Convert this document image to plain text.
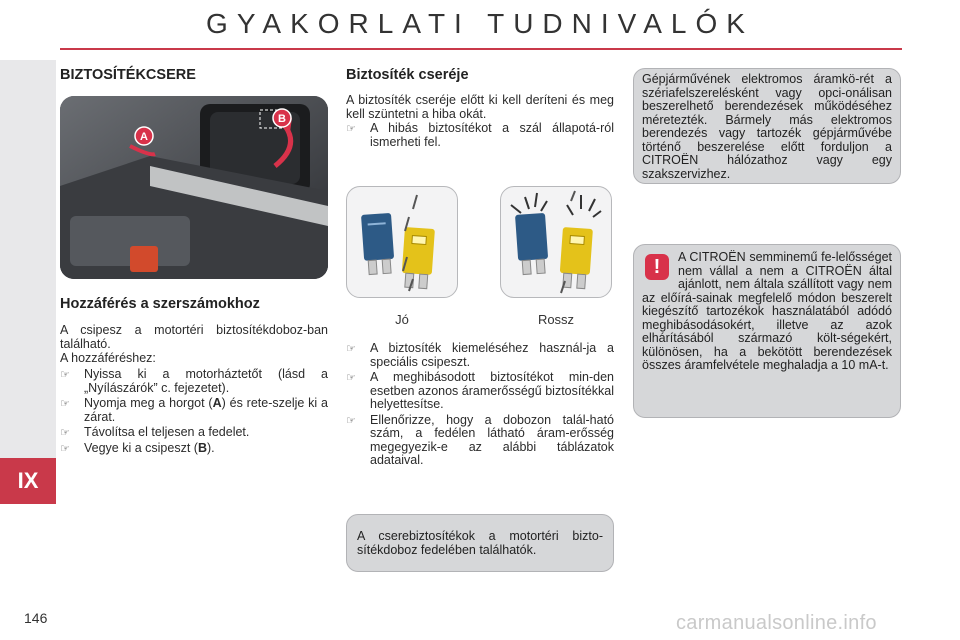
GYAKORLATI TUDNIVALÓK
IX
BIZTOSÍTÉKCSERE
A
B
Hozzáférés a szerszámokhoz
A csipesz a motortéri biztosítékdoboz-ban található.
A hozzáféréshez:
☞ Nyissa ki a motorháztetőt (lásd a „Nyílászárók” c. fejezetet).
☞ Nyomja meg a horgot (A) és rete-szelje ki a zárat.
☞ Távolítsa el teljesen a fedelet.
☞ Vegye ki a csipeszt (B).
Biztosíték cseréje
A biztosíték cseréje előtt ki kell deríteni és meg kell szüntetni a hiba okát.
☞ A hibás biztosítékot a szál állapotá-ról ismerheti fel.
Jó	Rossz
☞ A biztosíték kiemeléséhez használ-ja a speciális csipeszt.
☞ A meghibásodott biztosítékot min-den esetben azonos áramerősségű biztosítékkal helyettesítse.
☞ Ellenőrizze, hogy a dobozon talál-ható szám, a fedélen látható áram-erősség megegyezik-e az alábbi táblázatok adataival.
A cserebiztosítékok a motortéri bizto-sítékdoboz fedelében találhatók.
Gépjárművének elektromos áramkö-rét a szériafelszerelésként vagy opci-onálisan beszerelhető berendezések működéséhez méretezték. Bármely más elektromos berendezés vagy tartozék gépjárművébe történő beszerelése előtt forduljon a CITROËN hálózathoz vagy egy szakszervizhez.
A CITROËN semminemű fe-lelősséget nem vállal a nem a CITROËN által ajánlott, nem általa szállított vagy nem az előírá-sainak megfelelő módon beszerelt kiegészítő tartozékok használatából adódó meghibásodásokért, illetve az azok elhárításából származó költ-ségekért, különösen, ha a bekötött berendezések összes áramfelvétele meghaladja a 10 mA-t.
!
146	carmanualsonline.info
